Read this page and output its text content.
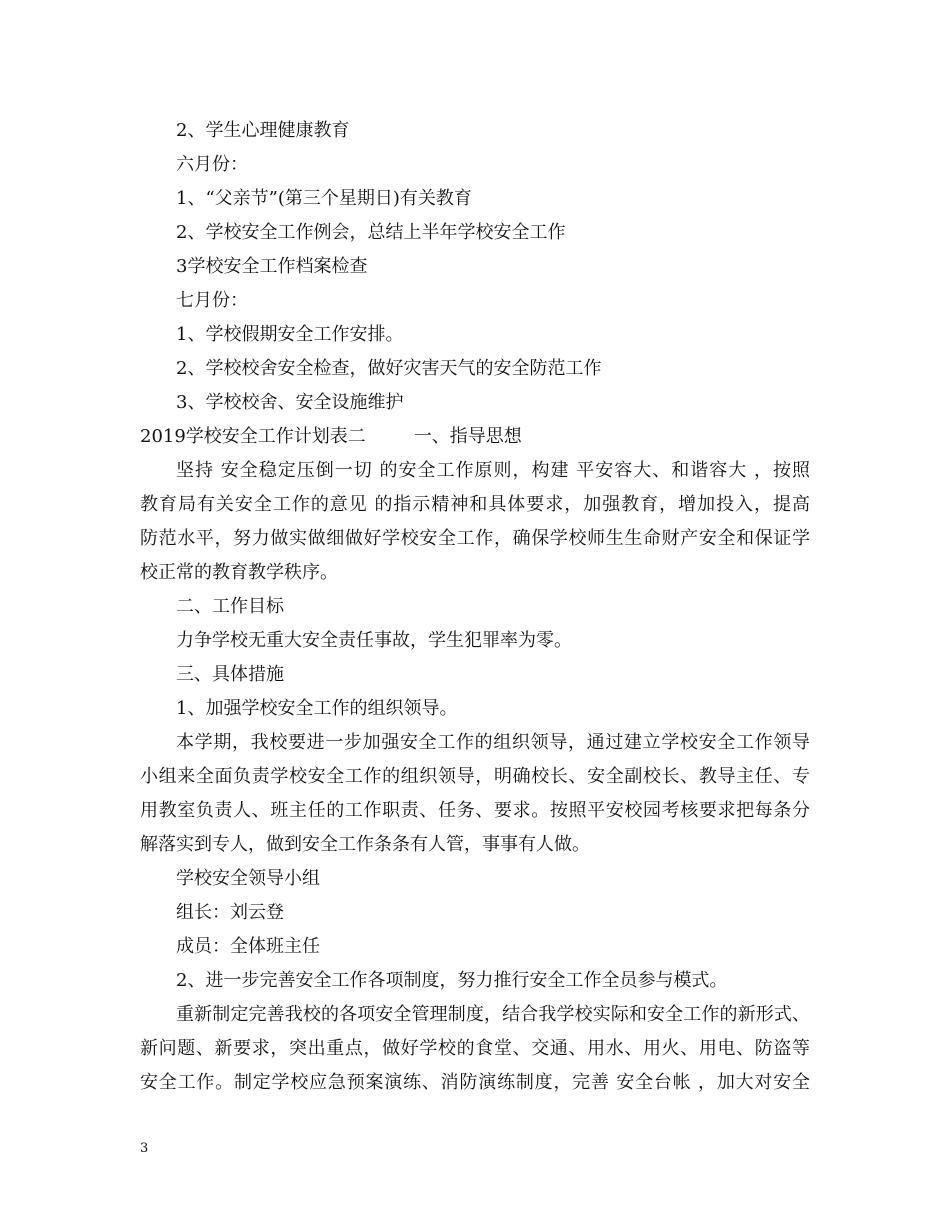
2、学生心理健康教育
六月份：
1、“父亲节”(第三个星期日)有关教育
2、学校安全工作例会，总结上半年学校安全工作
3学校安全工作档案检查
七月份：
1、学校假期安全工作安排。
2、学校校舍安全检查，做好灾害天气的安全防范工作
3、学校校舍、安全设施维护
2019学校安全工作计划表二	一、指导思想
坚持 安全稳定压倒一切 的安全工作原则，构建 平安容大、和谐容大 ，按照
教育局有关安全工作的意见 的指示精神和具体要求，加强教育，增加投入，提高
防范水平，努力做实做细做好学校安全工作，确保学校师生生命财产安全和保证学
校正常的教育教学秩序。
二、工作目标
力争学校无重大安全责任事故，学生犯罪率为零。
三、具体措施
1、加强学校安全工作的组织领导。
本学期，我校要进一步加强安全工作的组织领导，通过建立学校安全工作领导
小组来全面负责学校安全工作的组织领导，明确校长、安全副校长、教导主任、专
用教室负责人、班主任的工作职责、任务、要求。按照平安校园考核要求把每条分
解落实到专人，做到安全工作条条有人管，事事有人做。
学校安全领导小组
组长：刘云登
成员：全体班主任
2、进一步完善安全工作各项制度，努力推行安全工作全员参与模式。
重新制定完善我校的各项安全管理制度，结合我学校实际和安全工作的新形式、
新问题、新要求，突出重点，做好学校的食堂、交通、用水、用火、用电、防盗等
安全工作。制定学校应急预案演练、消防演练制度，完善 安全台帐 ，加大对安全
3
